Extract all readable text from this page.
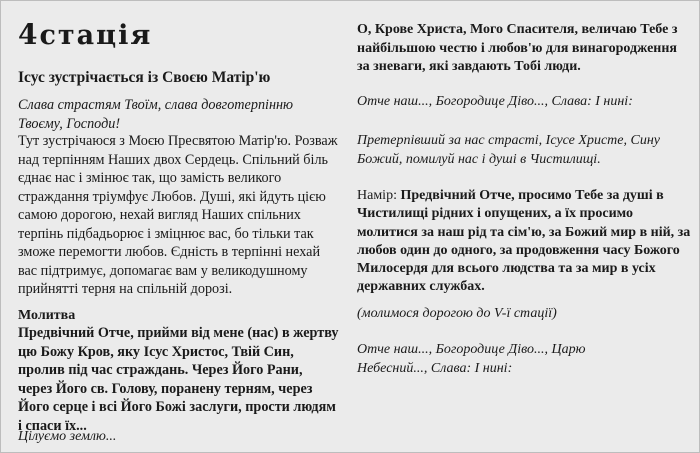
4стація
Ісус зустрічається із Своєю Матір'ю
Слава страстям Твоїм, слава довготерпінню Твоєму, Господи!
Тут зустрічаюся з Моєю Пресвятою Матір'ю. Розваж над терпінням Наших двох Сердець. Спільний біль єднає нас і змінює так, що замість великого страждання тріумфує Любов. Душі, які йдуть цією самою дорогою, нехай вигляд Наших спільних терпінь підбадьорює і зміцнює вас, бо тільки так зможе перемогти любов. Єдність в терпінні нехай вас підтримує, допомагає вам у великодушному прийнятті терня на спільній дорозі.
Молитва
Предвічний Отче, прийми від мене (нас) в жертву цю Божу Кров, яку Ісус Христос, Твій Син, пролив під час страждань. Через Його Рани, через Його св. Голову, поранену терням, через Його серце і всі Його Божі заслуги, прости людям і спаси їх...
Цілуємо землю...
О, Крове Христа, Мого Спасителя, величаю Тебе з найбільшою честю і любов'ю для винагородження за зневаги, які завдають Тобі люди.
Отче наш..., Богородице Діво..., Слава: І нині:
Претерпівший за нас страсті, Ісусе Христе, Сину Божий, помилуй нас і душі в Чистилищі.
Намір: Предвічний Отче, просимо Тебе за душі в Чистилищі рідних і опущених, а їх просимо молитися за наш рід та сім'ю, за Божий мир в ній, за любов один до одного, за продовження часу Божого Милосердя для всього людства та за мир в усіх державних службах.
(молимося дорогою до V-ї стації)
Отче наш..., Богородице Діво..., Царю Небесний..., Слава: І нині:
